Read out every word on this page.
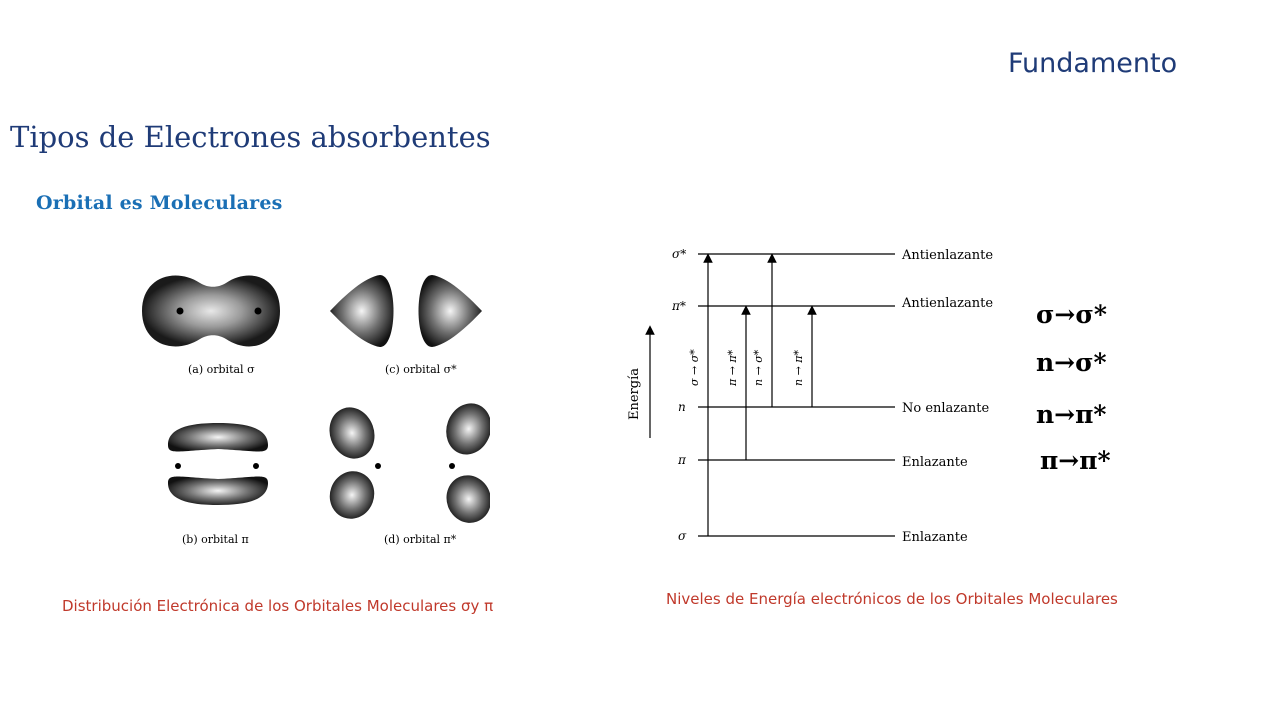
Fundamento
Tipos de Electrones absorbentes
Orbital es Moleculares
(a) orbital σ	(c) orbital σ*
(b) orbital π	(d) orbital π*
Distribución Electrónica de los Orbitales Moleculares σy π
Energía
σ*
π*
n
π
σ
Antienlazante
Antienlazante
No enlazante
Enlazante
Enlazante
σ → σ* π → π* n → σ* n → π*
Niveles de Energía electrónicos de los Orbitales Moleculares
σ→σ*
n→σ*
n→π*
π→π*
